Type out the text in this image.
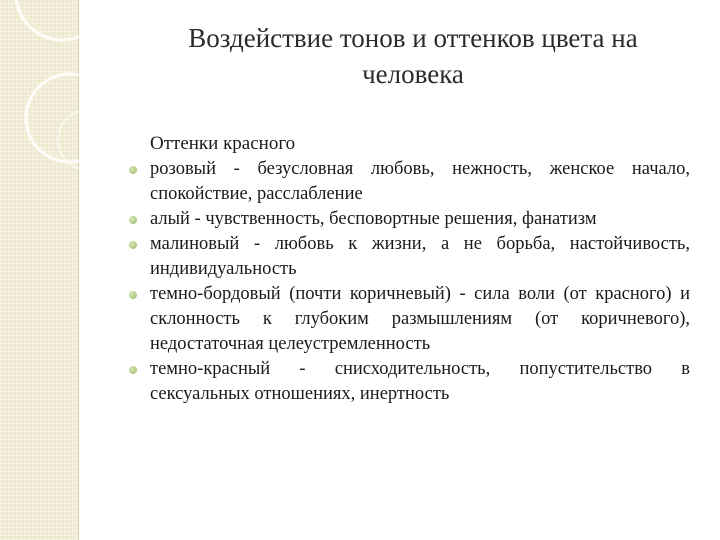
Воздействие тонов и оттенков цвета на
человека
Оттенки красного
розовый - безусловная любовь, нежность, женское начало, спокойствие, расслабление
алый - чувственность, бесповортные решения, фанатизм
малиновый - любовь к жизни, а не борьба, настойчивость, индивидуальность
темно-бордовый (почти коричневый) - сила воли (от красного) и склонность к глубоким размышлениям (от коричневого), недостаточная целеустремленность
темно-красный - снисходительность, попустительство в сексуальных отношениях, инертность
